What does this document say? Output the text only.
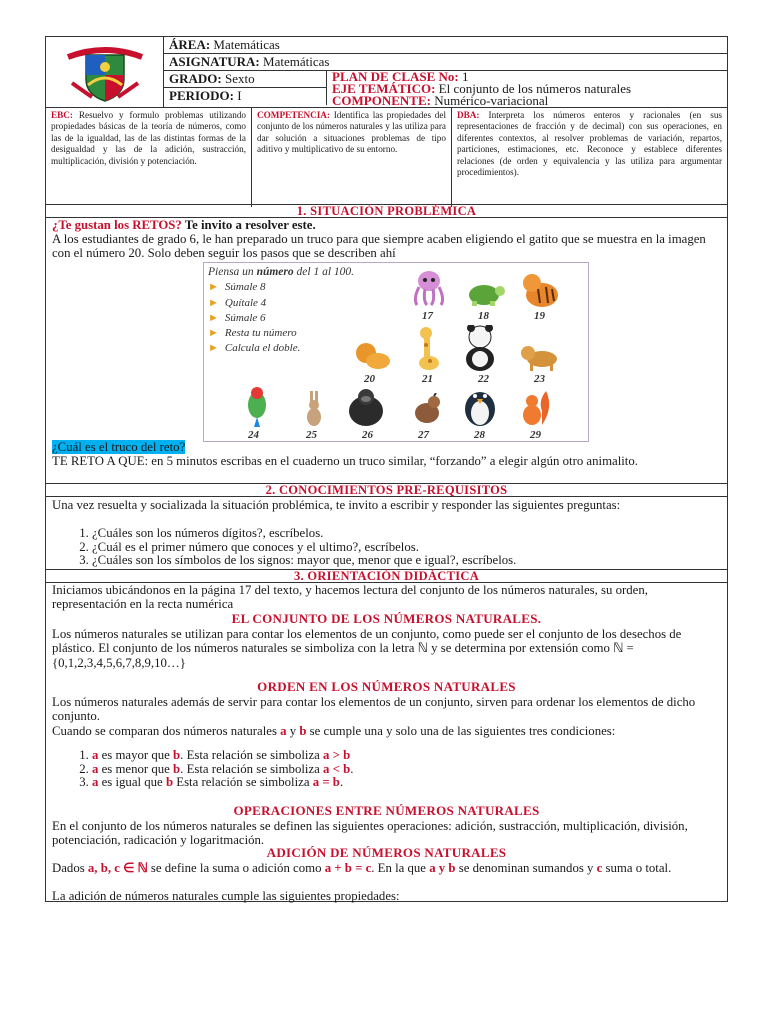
ÁREA: Matemáticas
ASIGNATURA: Matemáticas
GRADO: Sexto
PERIODO: I
PLAN DE CLASE No: 1
EJE TEMÁTICO: El conjunto de los números naturales
COMPONENTE: Numérico-variacional
EBC: Resuelvo y formulo problemas utilizando propiedades básicas de la teoría de números, como las de la igualdad, las de las distintas formas de la desigualdad y las de la adición, sustracción, multiplicación, división y potenciación.
COMPETENCIA: Identifica las propiedades del conjunto de los números naturales y las utiliza para dar solución a situaciones problemas de tipo aditivo y multiplicativo de su entorno.
DBA: Interpreta los números enteros y racionales (en sus representaciones de fracción y de decimal) con sus operaciones, en diferentes contextos, al resolver problemas de variación, repartos, particiones, estimaciones, etc. Reconoce y establece diferentes relaciones (de orden y equivalencia y las utiliza para argumentar procedimientos).
1. SITUACIÓN PROBLÉMICA
¿Te gustan los RETOS? Te invito a resolver este.
A los estudiantes de grado 6, le han preparado un truco para que siempre acaben eligiendo el gatito que se muestra en la imagen con el número 20. Solo deben seguir los pasos que se describen ahí
Piensa un número del 1 al 100.
► Súmale 8
► Quítale 4
► Súmale 6
► Resta tu número
► Calcula el doble.
17	18	19
20	21	22	23
24	25	26	27	28	29
¿Cuál es el truco del reto?
TE RETO A QUE: en 5 minutos escribas en el cuaderno un truco similar, “forzando” a elegir algún otro animalito.
2. CONOCIMIENTOS PRE-REQUISITOS
Una vez resuelta y socializada la situación problémica, te invito a escribir y responder las siguientes preguntas:
1. ¿Cuáles son los números dígitos?, escríbelos.
2. ¿Cuál es el primer número que conoces y el ultimo?, escríbelos.
3. ¿Cuáles son los símbolos de los signos: mayor que, menor que e igual?, escríbelos.
3. ORIENTACIÓN DIDÁCTICA
Iniciamos ubicándonos en la página 17 del texto, y hacemos lectura del conjunto de los números naturales, su orden, representación en la recta numérica
EL CONJUNTO DE LOS NÚMEROS NATURALES.
Los números naturales se utilizan para contar los elementos de un conjunto, como puede ser el conjunto de los desechos de plástico. El conjunto de los números naturales se simboliza con la letra ℕ y se determina por extensión como ℕ = {0,1,2,3,4,5,6,7,8,9,10…}
ORDEN EN LOS NÚMEROS NATURALES
Los números naturales además de servir para contar los elementos de un conjunto, sirven para ordenar los elementos de dicho conjunto.
Cuando se comparan dos números naturales a y b se cumple una y solo una de las siguientes tres condiciones:
1. a es mayor que b. Esta relación se simboliza a > b
2. a es menor que b. Esta relación se simboliza a < b.
3. a es igual que b Esta relación se simboliza a = b.
OPERACIONES ENTRE NÚMEROS NATURALES
En el conjunto de los números naturales se definen las siguientes operaciones: adición, sustracción, multiplicación, división, potenciación, radicación y logaritmación.
ADICIÓN DE NÚMEROS NATURALES
Dados a, b, c ∈ ℕ se define la suma o adición como a + b = c. En la que a y b se denominan sumandos y c suma o total.
La adición de números naturales cumple las siguientes propiedades:
